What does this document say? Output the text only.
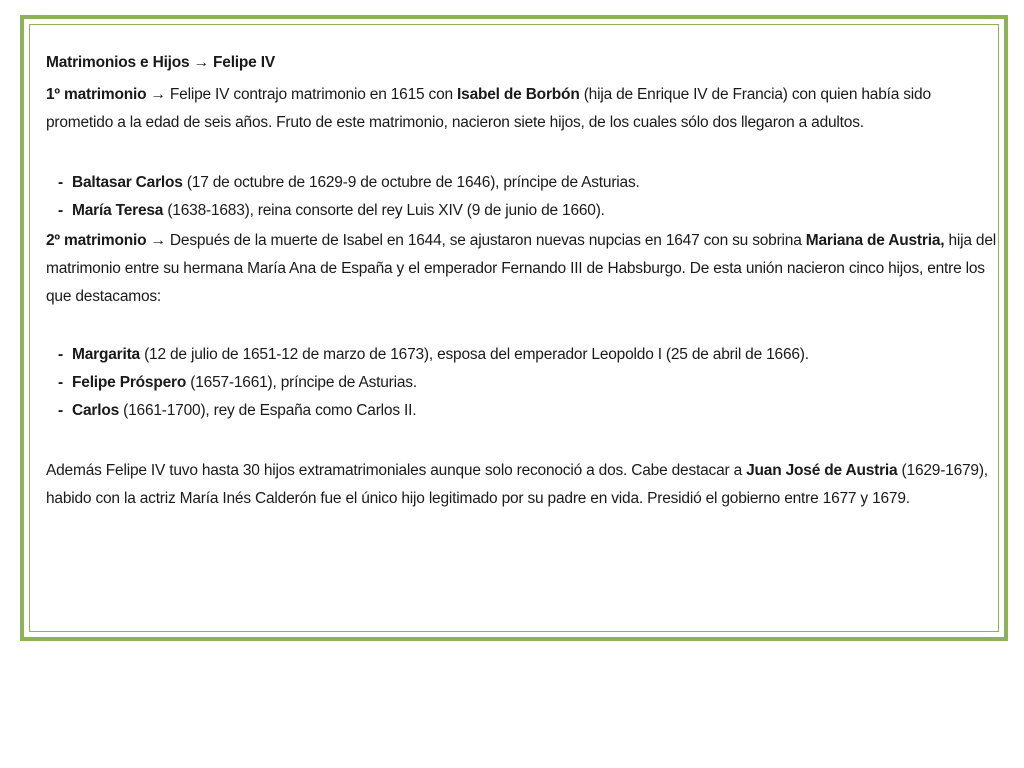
Matrimonios e Hijos → Felipe IV

1º matrimonio → Felipe IV contrajo matrimonio en 1615 con Isabel de Borbón (hija de Enrique IV de Francia) con quien había sido prometido a la edad de seis años. Fruto de este matrimonio, nacieron siete hijos, de los cuales sólo dos llegaron a adultos.

- Baltasar Carlos (17 de octubre de 1629-9 de octubre de 1646), príncipe de Asturias.
- María Teresa (1638-1683), reina consorte del rey Luis XIV (9 de junio de 1660).

2º matrimonio → Después de la muerte de Isabel en 1644, se ajustaron nuevas nupcias en 1647 con su sobrina Mariana de Austria, hija del matrimonio entre su hermana María Ana de España y el emperador Fernando III de Habsburgo. De esta unión nacieron cinco hijos, entre los que destacamos:

- Margarita (12 de julio de 1651-12 de marzo de 1673), esposa del emperador Leopoldo I (25 de abril de 1666).
- Felipe Próspero (1657-1661), príncipe de Asturias.
- Carlos (1661-1700), rey de España como Carlos II.

Además Felipe IV tuvo hasta 30 hijos extramatrimoniales aunque solo reconoció a dos. Cabe destacar a Juan José de Austria (1629-1679), habido con la actriz María Inés Calderón fue el único hijo legitimado por su padre en vida. Presidió el gobierno entre 1677 y 1679.
